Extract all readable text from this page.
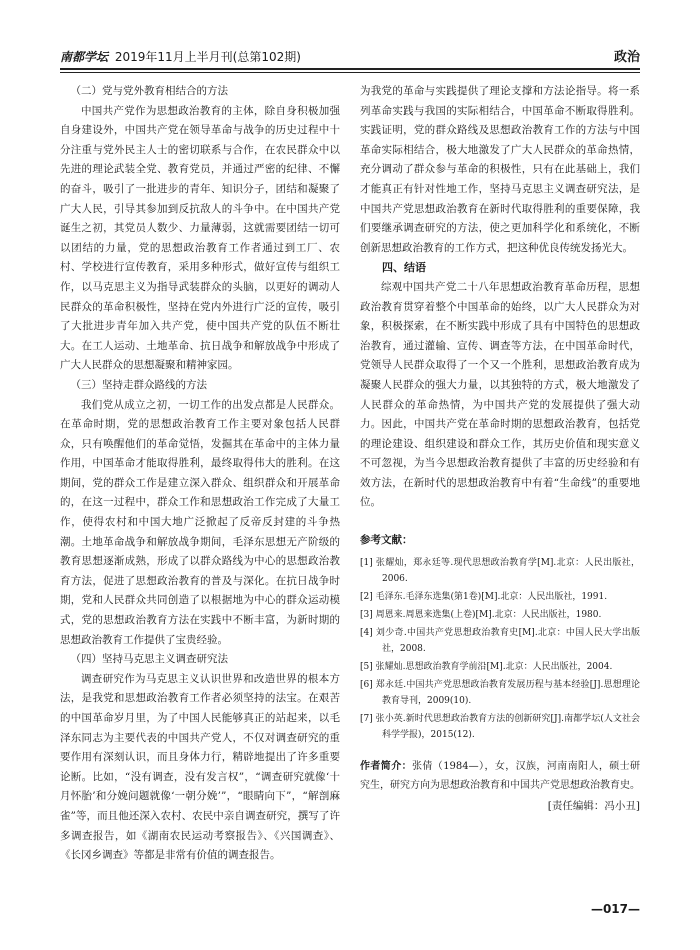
南都学坛 2019年11月上半月刊(总第102期)	政治
（二）党与党外教育相结合的方法

中国共产党作为思想政治教育的主体，除自身积极加强自身建设外，中国共产党在领导革命与战争的历史过程中十分注重与党外民主人士的密切联系与合作，在农民群众中以先进的理论武装全党、教育党员，并通过严密的纪律、不懈的奋斗，吸引了一批进步的青年、知识分子，团结和凝聚了广大人民，引导其参加到反抗敌人的斗争中。在中国共产党诞生之初，其党员人数少、力量薄弱，这就需要团结一切可以团结的力量，党的思想政治教育工作者通过到工厂、农村、学校进行宣传教育，采用多种形式，做好宣传与组织工作，以马克思主义为指导武装群众的头脑，以更好的调动人民群众的革命积极性，坚持在党内外进行广泛的宣传，吸引了大批进步青年加入共产党，使中国共产党的队伍不断壮大。在工人运动、土地革命、抗日战争和解放战争中形成了广大人民群众的思想凝聚和精神家园。

（三）坚持走群众路线的方法

我们党从成立之初，一切工作的出发点都是人民群众。在革命时期，党的思想政治教育工作主要对象包括人民群众，只有唤醒他们的革命觉悟，发掘其在革命中的主体力量作用，中国革命才能取得胜利，最终取得伟大的胜利。在这期间，党的群众工作是建立深入群众、组织群众和开展革命的，在这一过程中，群众工作和思想政治工作完成了大量工作，使得农村和中国大地广泛掀起了反帝反封建的斗争热潮。土地革命战争和解放战争期间，毛泽东思想无产阶级的教育思想逐渐成熟，形成了以群众路线为中心的思想政治教育方法，促进了思想政治教育的普及与深化。在抗日战争时期，党和人民群众共同创造了以根据地为中心的群众运动模式，党的思想政治教育方法在实践中不断丰富，为新时期的思想政治教育工作提供了宝贵经验。

（四）坚持马克思主义调查研究法

调查研究作为马克思主义认识世界和改造世界的根本方法，是我党和思想政治教育工作者必须坚持的法宝。在艰苦的中国革命岁月里，为了中国人民能够真正的站起来，以毛泽东同志为主要代表的中国共产党人，不仅对调查研究的重要作用有深刻认识，而且身体力行，精辟地提出了许多重要论断。比如，“没有调查，没有发言权”，“调查研究就像‘十月怀胎’和分娩问题就像‘一朝分娩’”，“眼睛向下”，“解剖麻雀”等，而且他还深入农村、农民中亲自调查研究，撰写了许多调查报告，如《湖南农民运动考察报告》、《兴国调查》、《长冈乡调查》等都是非常有价值的调查报告。

为我党的革命与实践提供了理论支撑和方法论指导。将一系列革命实践与我国的实际相结合，中国革命不断取得胜利。实践证明，党的群众路线及思想政治教育工作的方法与中国革命实际相结合，极大地激发了广大人民群众的革命热情，充分调动了群众参与革命的积极性，只有在此基础上，我们才能真正有针对性地工作，坚持马克思主义调查研究法，是中国共产党思想政治教育在新时代取得胜利的重要保障，我们要继承调查研究的方法，使之更加科学化和系统化，不断创新思想政治教育的工作方式，把这种优良传统发扬光大。

四、结语

综观中国共产党二十八年思想政治教育革命历程，思想政治教育贯穿着整个中国革命的始终，以广大人民群众为对象，积极探索，在不断实践中形成了具有中国特色的思想政治教育，通过灌输、宣传、调查等方法，在中国革命时代，党领导人民群众取得了一个又一个胜利，思想政治教育成为凝聚人民群众的强大力量，以其独特的方式，极大地激发了人民群众的革命热情，为中国共产党的发展提供了强大动力。因此，中国共产党在革命时期的思想政治教育，包括党的理论建设、组织建设和群众工作，其历史价值和现实意义不可忽视，为当今思想政治教育提供了丰富的历史经验和有效方法，在新时代的思想政治教育中有着“生命线”的重要地位。

参考文献：
[1] 张耀灿，郑永廷等.现代思想政治教育学[M].北京：人民出版社，2006.
[2] 毛泽东.毛泽东选集(第1卷)[M].北京：人民出版社，1991.
[3] 周恩来.周恩来选集(上卷)[M].北京：人民出版社，1980.
[4] 刘少奇.中国共产党思想政治教育史[M].北京：中国人民大学出版社，2008.
[5] 张耀灿.思想政治教育学前沿[M].北京：人民出版社，2004.
[6] 郑永廷.中国共产党思想政治教育发展历程与基本经验[J].思想理论教育导刊，2009(10).
[7] 张小英.新时代思想政治教育方法的创新研究[J].南都学坛(人文社会科学学报)，2015(12).
作者简介：张倩（1984—），女，汉族，河南南阳人，硕士研究生，研究方向为思想政治教育和中国共产党思想政治教育史。
[责任编辑：冯小丑]
—017—
